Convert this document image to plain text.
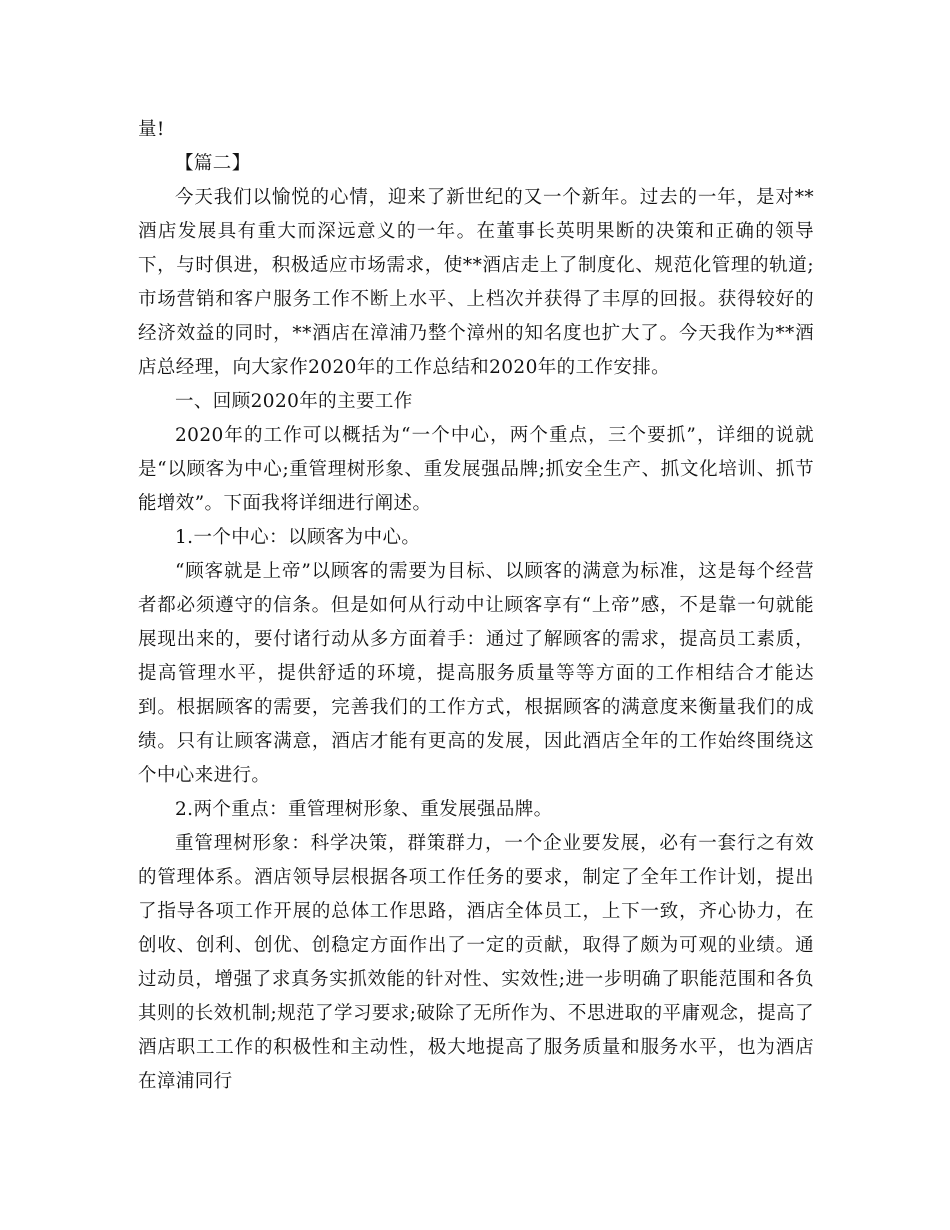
量!

【篇二】

今天我们以愉悦的心情，迎来了新世纪的又一个新年。过去的一年，是对**酒店发展具有重大而深远意义的一年。在董事长英明果断的决策和正确的领导下，与时俱进，积极适应市场需求，使**酒店走上了制度化、规范化管理的轨道;市场营销和客户服务工作不断上水平、上档次并获得了丰厚的回报。获得较好的经济效益的同时，**酒店在漳浦乃整个漳州的知名度也扩大了。今天我作为**酒店总经理，向大家作2020年的工作总结和2020年的工作安排。

一、回顾2020年的主要工作

2020年的工作可以概括为“一个中心，两个重点，三个要抓”，详细的说就是“以顾客为中心;重管理树形象、重发展强品牌;抓安全生产、抓文化培训、抓节能增效”。下面我将详细进行阐述。

1.一个中心：以顾客为中心。

“顾客就是上帝”以顾客的需要为目标、以顾客的满意为标准，这是每个经营者都必须遵守的信条。但是如何从行动中让顾客享有“上帝”感，不是靠一句就能展现出来的，要付诸行动从多方面着手：通过了解顾客的需求，提高员工素质，提高管理水平，提供舒适的环境，提高服务质量等等方面的工作相结合才能达到。根据顾客的需要，完善我们的工作方式，根据顾客的满意度来衡量我们的成绩。只有让顾客满意，酒店才能有更高的发展，因此酒店全年的工作始终围绕这个中心来进行。

2.两个重点：重管理树形象、重发展强品牌。

重管理树形象：科学决策，群策群力，一个企业要发展，必有一套行之有效的管理体系。酒店领导层根据各项工作任务的要求，制定了全年工作计划，提出了指导各项工作开展的总体工作思路，酒店全体员工，上下一致，齐心协力，在创收、创利、创优、创稳定方面作出了一定的贡献，取得了颇为可观的业绩。通过动员，增强了求真务实抓效能的针对性、实效性;进一步明确了职能范围和各负其则的长效机制;规范了学习要求;破除了无所作为、不思进取的平庸观念，提高了酒店职工工作的积极性和主动性，极大地提高了服务质量和服务水平，也为酒店在漳浦同行
